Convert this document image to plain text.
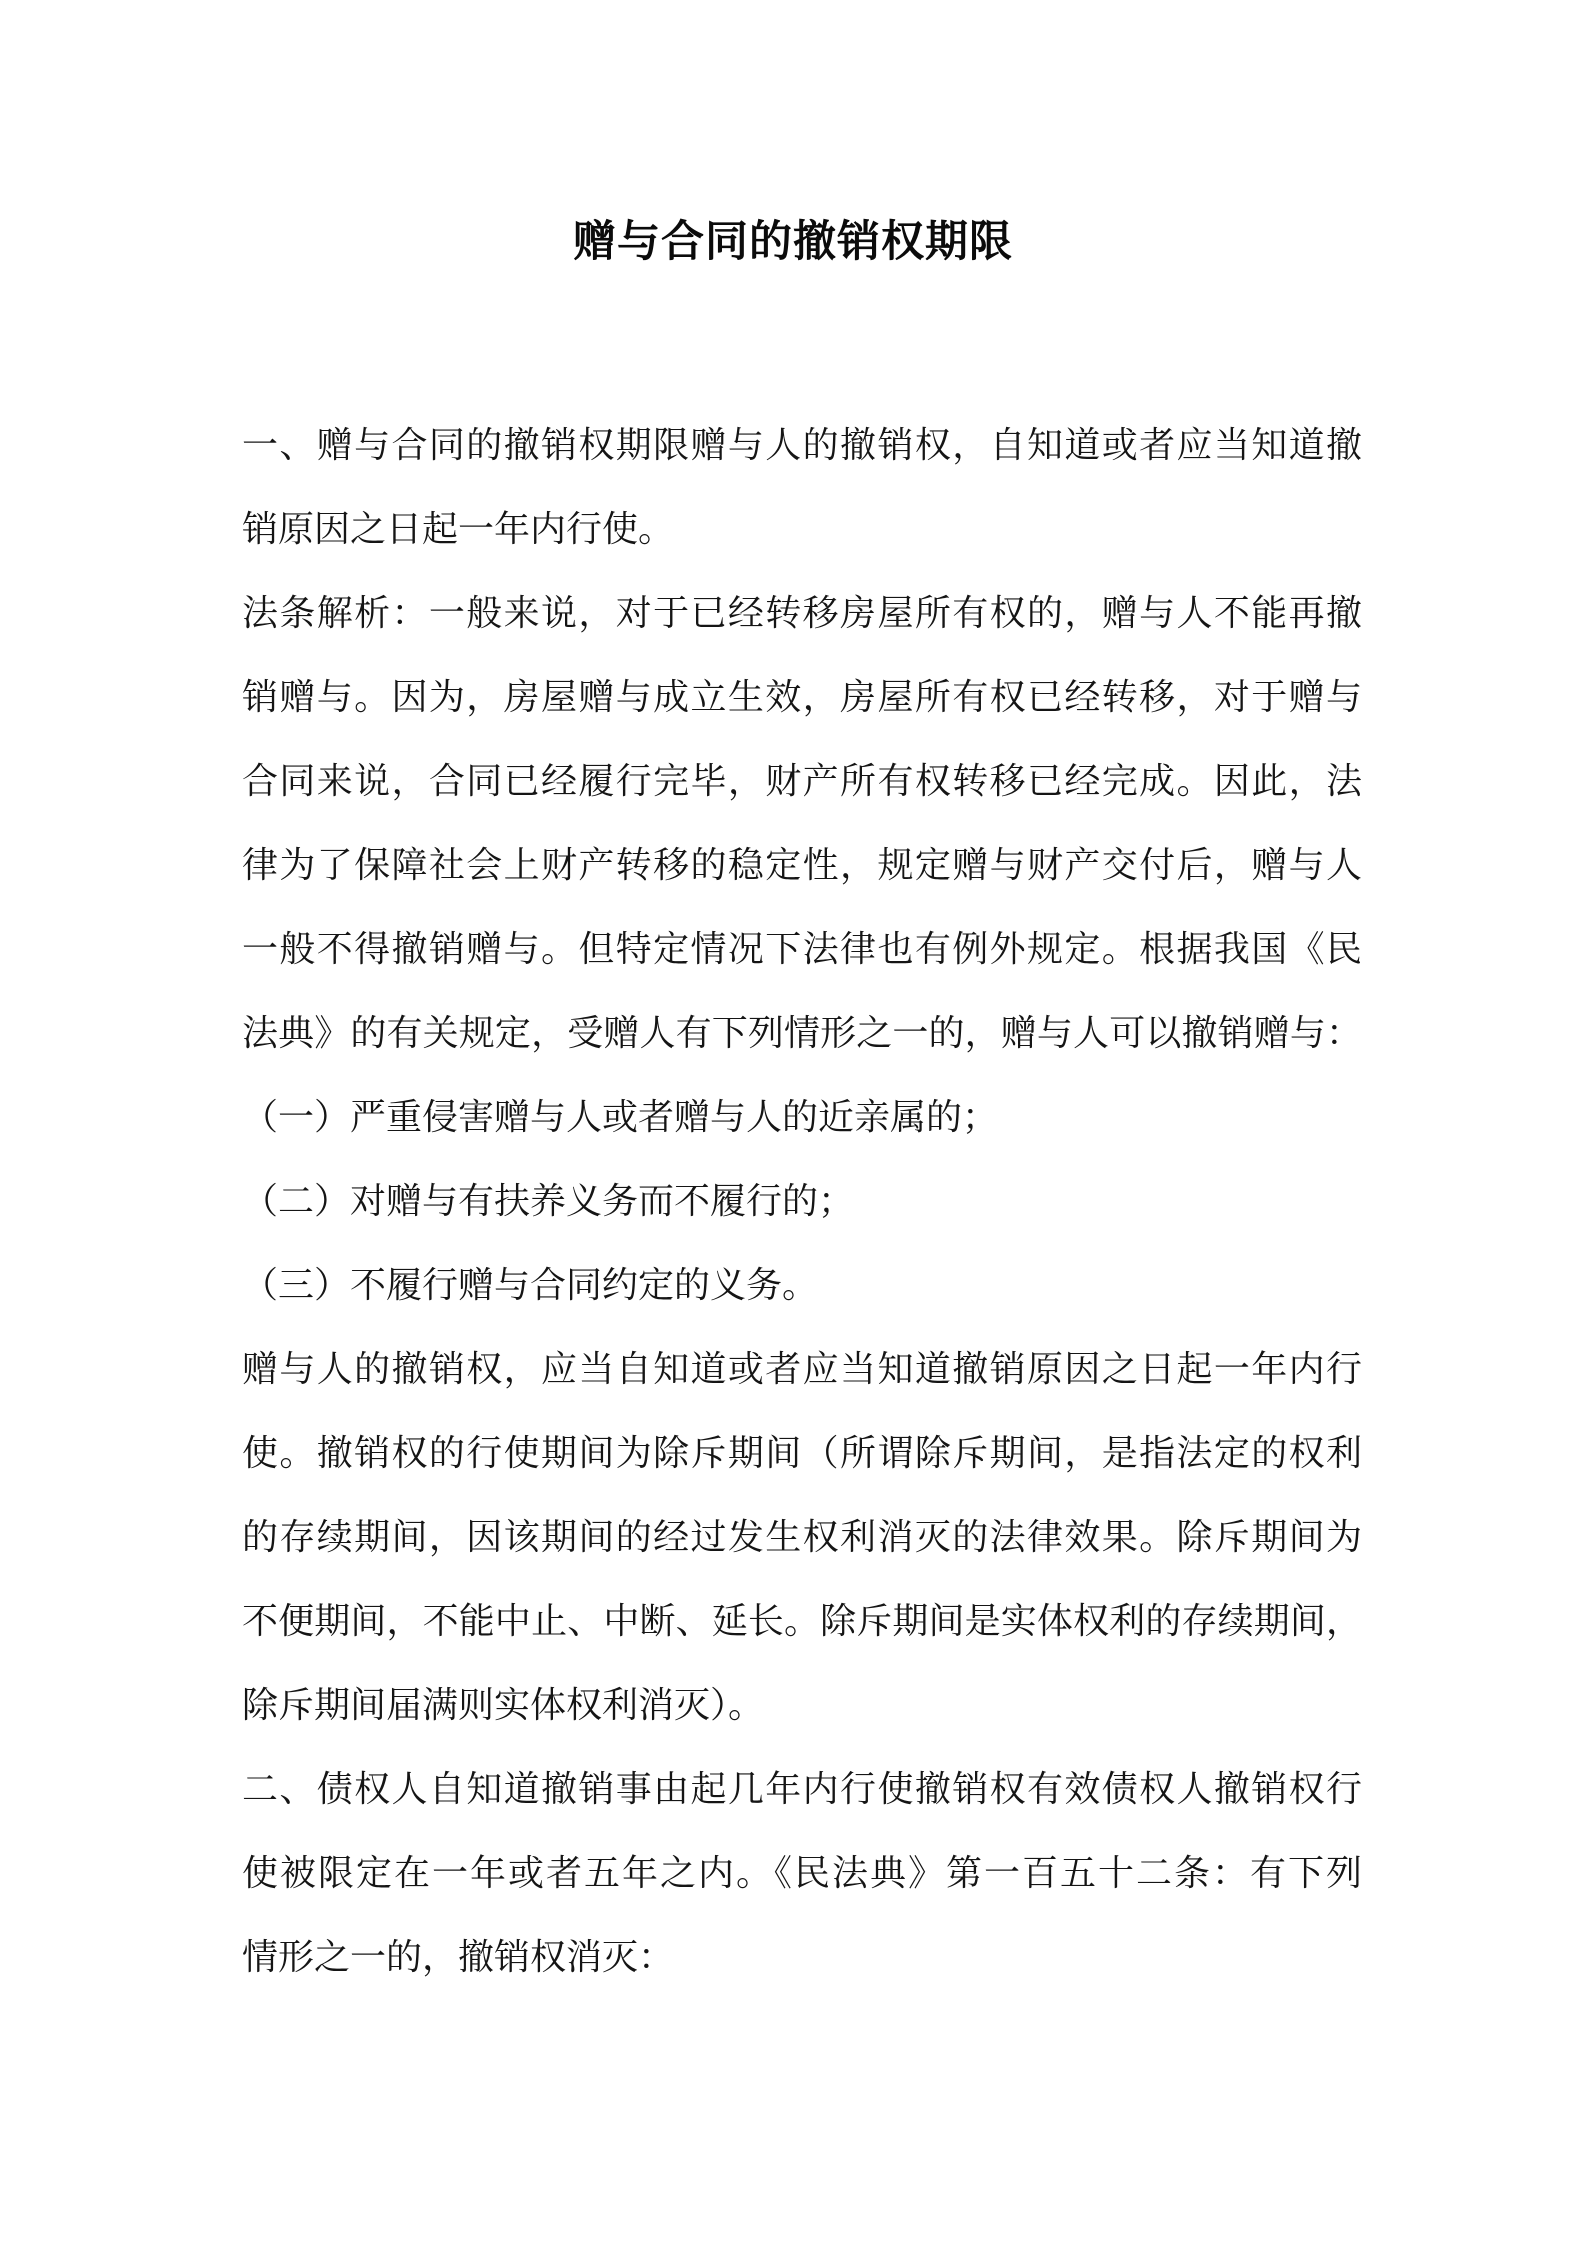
赠与合同的撤销权期限
一、赠与合同的撤销权期限赠与人的撤销权，自知道或者应当知道撤
销原因之日起一年内行使。
法条解析：一般来说，对于已经转移房屋所有权的，赠与人不能再撤
销赠与。因为，房屋赠与成立生效，房屋所有权已经转移，对于赠与
合同来说，合同已经履行完毕，财产所有权转移已经完成。因此，法
律为了保障社会上财产转移的稳定性，规定赠与财产交付后，赠与人
一般不得撤销赠与。但特定情况下法律也有例外规定。根据我国《民
法典》的有关规定，受赠人有下列情形之一的，赠与人可以撤销赠与：
（一）严重侵害赠与人或者赠与人的近亲属的；
（二）对赠与有扶养义务而不履行的；
（三）不履行赠与合同约定的义务。
赠与人的撤销权，应当自知道或者应当知道撤销原因之日起一年内行
使。撤销权的行使期间为除斥期间（所谓除斥期间，是指法定的权利
的存续期间，因该期间的经过发生权利消灭的法律效果。除斥期间为
不便期间，不能中止、中断、延长。除斥期间是实体权利的存续期间，
除斥期间届满则实体权利消灭）。
二、债权人自知道撤销事由起几年内行使撤销权有效债权人撤销权行
使被限定在一年或者五年之内。《民法典》第一百五十二条：有下列
情形之一的，撤销权消灭：
